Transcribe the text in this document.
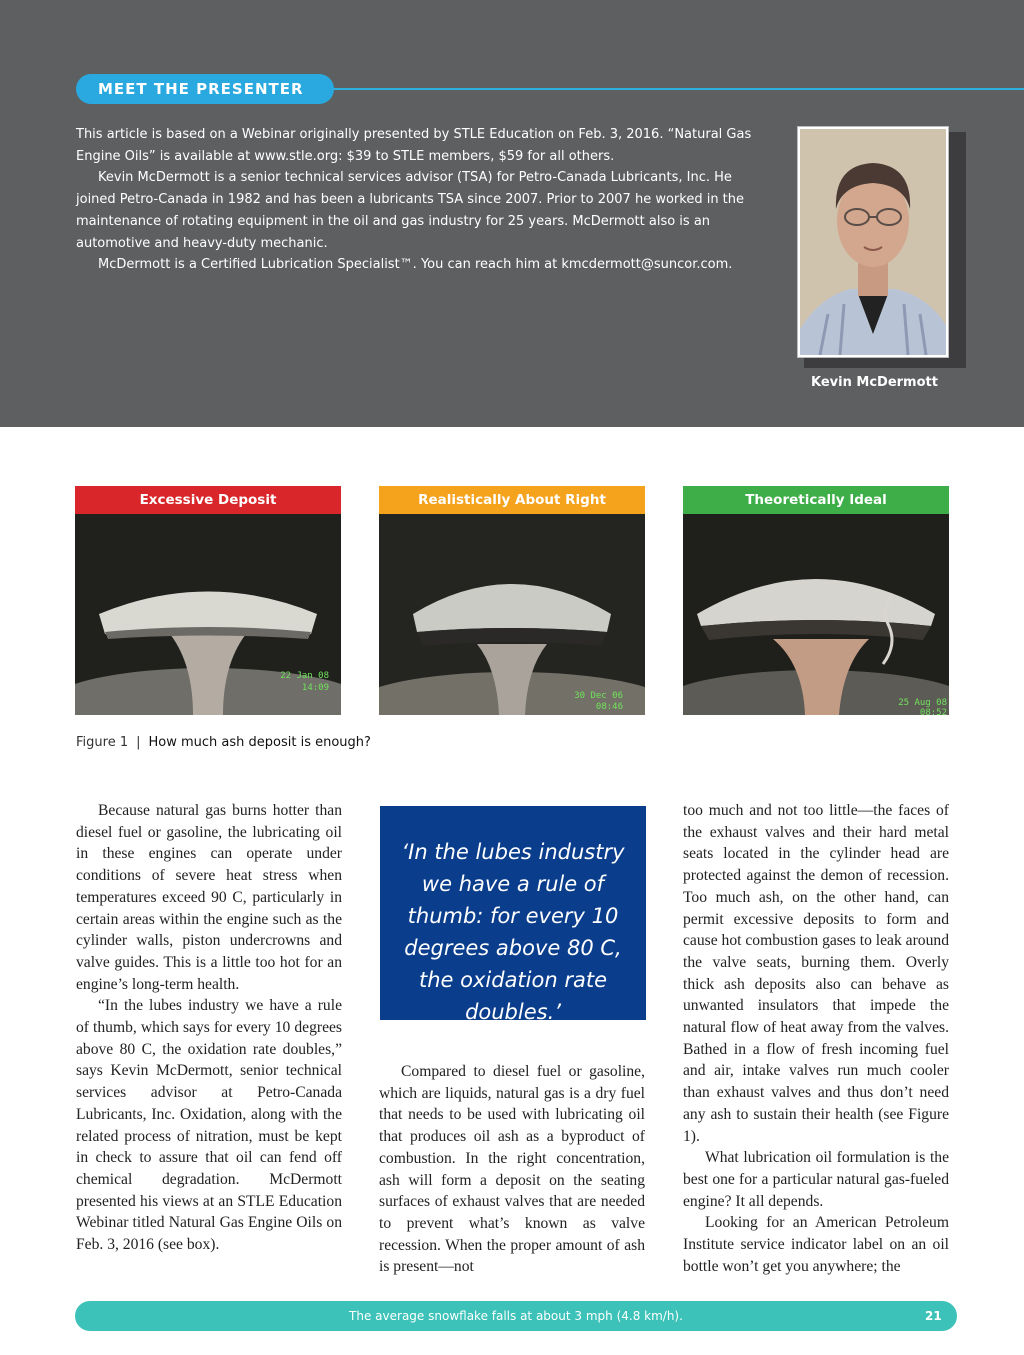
MEET THE PRESENTER

This article is based on a Webinar originally presented by STLE Education on Feb. 3, 2016. “Natural Gas Engine Oils” is available at www.stle.org: $39 to STLE members, $59 for all others.

Kevin McDermott is a senior technical services advisor (TSA) for Petro-Canada Lubricants, Inc. He joined Petro-Canada in 1982 and has been a lubricants TSA since 2007. Prior to 2007 he worked in the maintenance of rotating equipment in the oil and gas industry for 25 years. McDermott also is an automotive and heavy-duty mechanic.

McDermott is a Certified Lubrication Specialist™. You can reach him at kmcdermott@suncor.com.

Kevin McDermott
Excessive Deposit
22 Jan 08
14:09
Realistically About Right
30 Dec 06
08:46
Theoretically Ideal
25 Aug 08
08:52
Figure 1 | How much ash deposit is enough?

Because natural gas burns hotter than diesel fuel or gasoline, the lubricating oil in these engines can operate under conditions of severe heat stress when temperatures exceed 90 C, particularly in certain areas within the engine such as the cylinder walls, piston undercrowns and valve guides. This is a little too hot for an engine’s long-term health.

“In the lubes industry we have a rule of thumb, which says for every 10 degrees above 80 C, the oxidation rate doubles,” says Kevin McDermott, senior technical services advisor at Petro-Canada Lubricants, Inc. Oxidation, along with the related process of nitration, must be kept in check to assure that oil can fend off chemical degradation. McDermott presented his views at an STLE Education Webinar titled Natural Gas Engine Oils on Feb. 3, 2016 (see box).

‘In the lubes industry we have a rule of thumb: for every 10 degrees above 80 C, the oxidation rate doubles.’

Compared to diesel fuel or gasoline, which are liquids, natural gas is a dry fuel that needs to be used with lubricating oil that produces oil ash as a byproduct of combustion. In the right concentration, ash will form a deposit on the seating surfaces of exhaust valves that are needed to prevent what’s known as valve recession. When the proper amount of ash is present—not

too much and not too little—the faces of the exhaust valves and their hard metal seats located in the cylinder head are protected against the demon of recession. Too much ash, on the other hand, can permit excessive deposits to form and cause hot combustion gases to leak around the valve seats, burning them. Overly thick ash deposits also can behave as unwanted insulators that impede the natural flow of heat away from the valves. Bathed in a flow of fresh incoming fuel and air, intake valves run much cooler than exhaust valves and thus don’t need any ash to sustain their health (see Figure 1).

What lubrication oil formulation is the best one for a particular natural gas-fueled engine? It all depends.

Looking for an American Petroleum Institute service indicator label on an oil bottle won’t get you anywhere; the

The average snowflake falls at about 3 mph (4.8 km/h).	21
